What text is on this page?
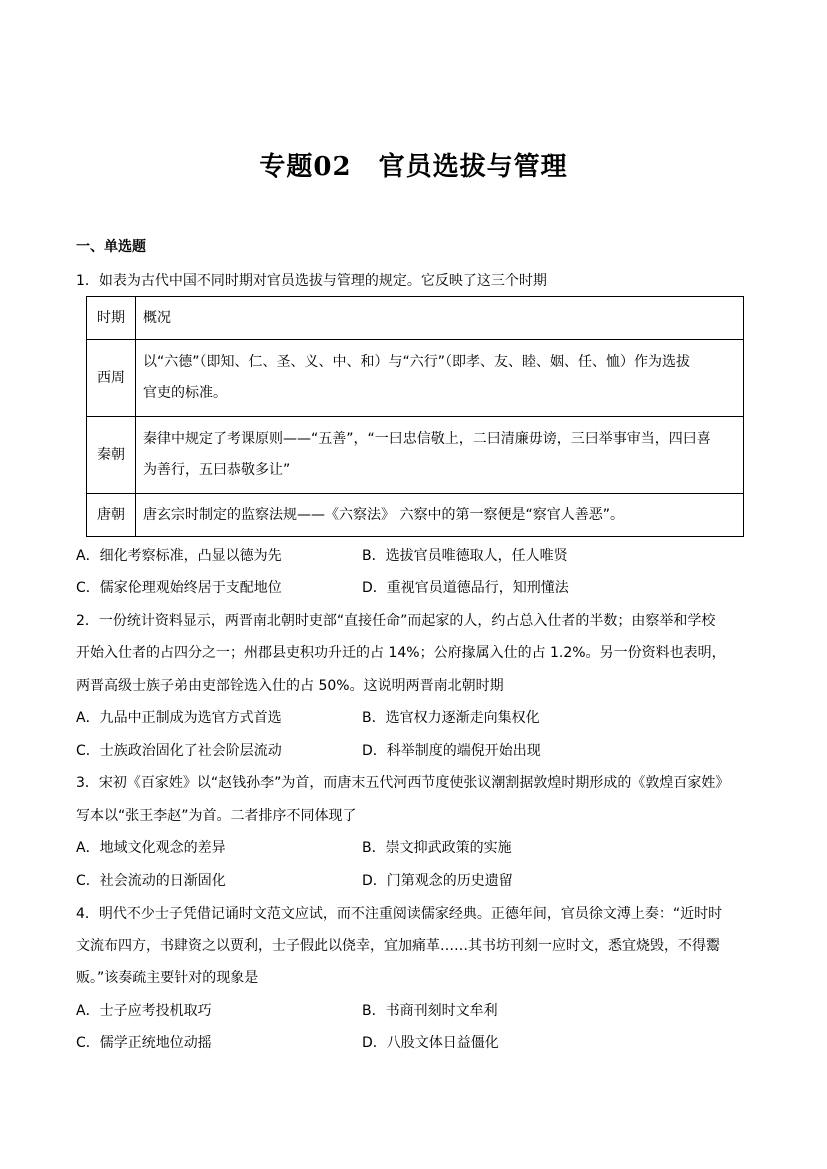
专题02　官员选拔与管理
一、单选题
1．如表为古代中国不同时期对官员选拔与管理的规定。它反映了这三个时期
时期	概况
西周	以“六德”（即知、仁、圣、义、中、和）与“六行”（即孝、友、睦、姻、任、恤）作为选拔
官吏的标准。

秦朝	秦律中规定了考课原则——“五善”，“一曰忠信敬上，二曰清廉毋谤，三曰举事审当，四曰喜
为善行，五曰恭敬多让”

唐朝	唐玄宗时制定的监察法规——《六察法》 六察中的第一察便是“察官人善恶”。
A．细化考察标准，凸显以德为先	B．选拔官员唯德取人，任人唯贤
C．儒家伦理观始终居于支配地位	D．重视官员道德品行，知刑懂法
2．一份统计资料显示，两晋南北朝时吏部“直接任命”而起家的人，约占总入仕者的半数；由察举和学校
开始入仕者的占四分之一；州郡县吏积功升迁的占 14%；公府掾属入仕的占 1.2%。另一份资料也表明，
两晋高级士族子弟由吏部铨选入仕的占 50%。这说明两晋南北朝时期
A．九品中正制成为选官方式首选	B．选官权力逐渐走向集权化
C．士族政治固化了社会阶层流动	D．科举制度的端倪开始出现
3．宋初《百家姓》以“赵钱孙李”为首，而唐末五代河西节度使张议潮割据敦煌时期形成的《敦煌百家姓》
写本以“张王李赵”为首。二者排序不同体现了
A．地域文化观念的差异	B．崇文抑武政策的实施
C．社会流动的日渐固化	D．门第观念的历史遗留
4．明代不少士子凭借记诵时文范文应试，而不注重阅读儒家经典。正德年间，官员徐文溥上奏：“近时时
文流布四方，书肆资之以贾利，士子假此以侥幸，宜加痛革……其书坊刊刻一应时文，悉宜烧毁，不得鬻
贩。”该奏疏主要针对的现象是
A．士子应考投机取巧	B．书商刊刻时文牟利
C．儒学正统地位动摇	D．八股文体日益僵化
